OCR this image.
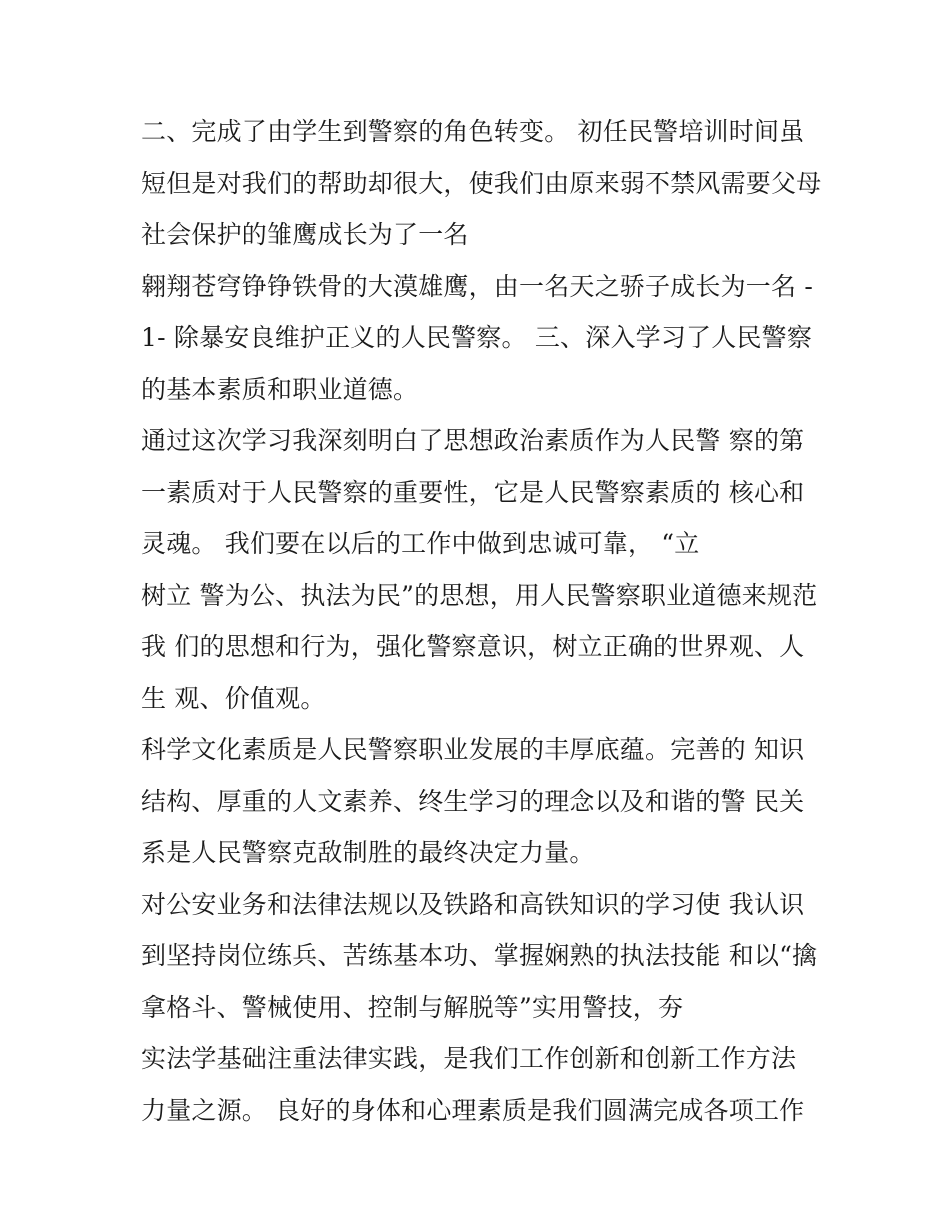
二、完成了由学生到警察的角色转变。 初任民警培训时间虽
短但是对我们的帮助却很大，使我们由原来弱不禁风需要父母
社会保护的雏鹰成长为了一名
翱翔苍穹铮铮铁骨的大漠雄鹰，由一名天之骄子成长为一名 -
1- 除暴安良维护正义的人民警察。 三、深入学习了人民警察
的基本素质和职业道德。
通过这次学习我深刻明白了思想政治素质作为人民警 察的第
一素质对于人民警察的重要性，它是人民警察素质的 核心和
灵魂。 我们要在以后的工作中做到忠诚可靠， “立
树立 警为公、执法为民”的思想，用人民警察职业道德来规范
我 们的思想和行为，强化警察意识，树立正确的世界观、人
生 观、价值观。
科学文化素质是人民警察职业发展的丰厚底蕴。完善的 知识
结构、厚重的人文素养、终生学习的理念以及和谐的警 民关
系是人民警察克敌制胜的最终决定力量。
对公安业务和法律法规以及铁路和高铁知识的学习使 我认识
到坚持岗位练兵、苦练基本功、掌握娴熟的执法技能 和以“擒
拿格斗、警械使用、控制与解脱等”实用警技，夯
实法学基础注重法律实践，是我们工作创新和创新工作方法
力量之源。 良好的身体和心理素质是我们圆满完成各项工作
